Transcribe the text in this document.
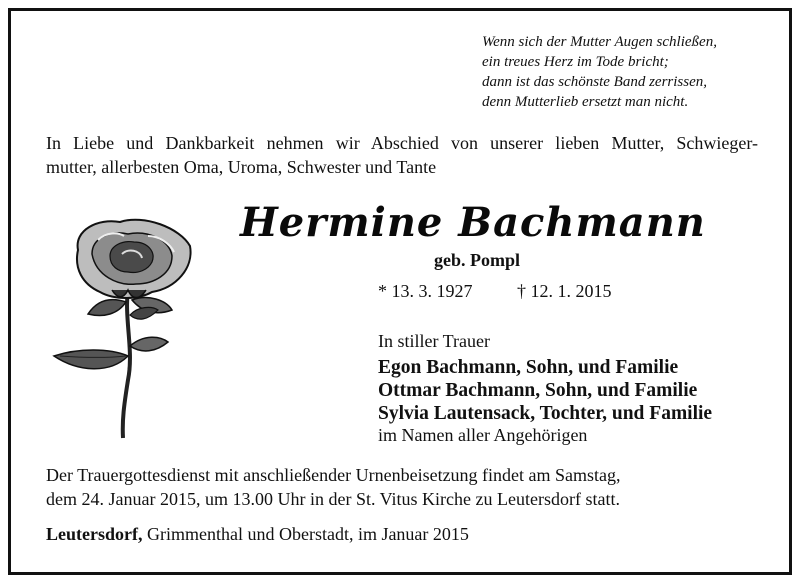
Wenn sich der Mutter Augen schließen,
ein treues Herz im Tode bricht;
dann ist das schönste Band zerrissen,
denn Mutterlieb ersetzt man nicht.
In Liebe und Dankbarkeit nehmen wir Abschied von unserer lieben Mutter, Schwieger-
mutter, allerbesten Oma, Uroma, Schwester und Tante
Hermine Bachmann
geb. Pompl
* 13. 3. 1927 † 12. 1. 2015
In stiller Trauer
Egon Bachmann, Sohn, und Familie
Ottmar Bachmann, Sohn, und Familie
Sylvia Lautensack, Tochter, und Familie
im Namen aller Angehörigen
Der Trauergottesdienst mit anschließender Urnenbeisetzung findet am Samstag,
dem 24. Januar 2015, um 13.00 Uhr in der St. Vitus Kirche zu Leutersdorf statt.
Leutersdorf, Grimmenthal und Oberstadt, im Januar 2015
